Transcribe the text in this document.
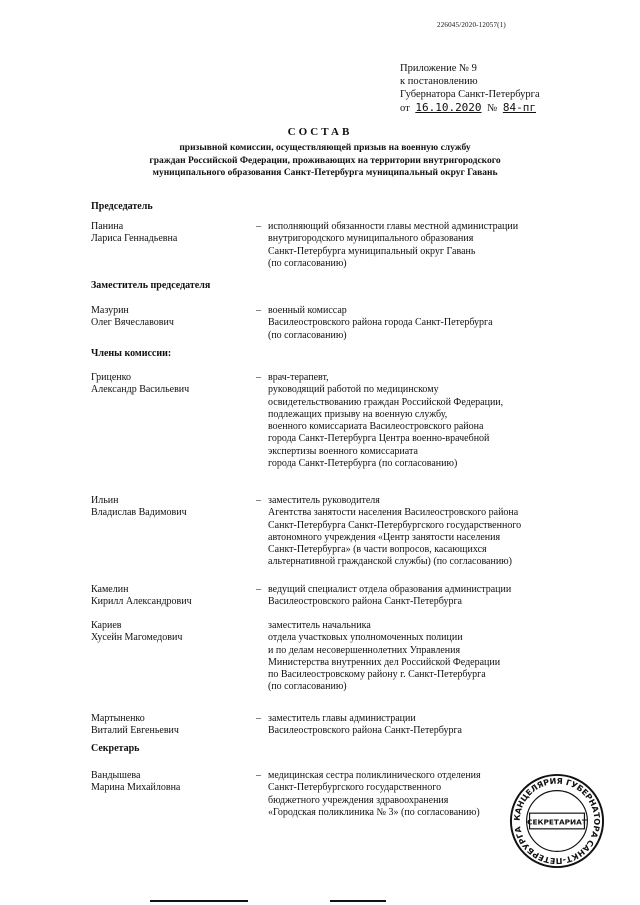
226045/2020-12057(1)
Приложение № 9
к постановлению
Губернатора Санкт-Петербурга
от 16.10.2020 № 84-пг
СОСТАВ
призывной комиссии, осуществляющей призыв на военную службу
граждан Российской Федерации, проживающих на территории внутригородского
муниципального образования Санкт-Петербурга муниципальный округ Гавань
Председатель
Панина
Лариса Геннадьевна
– исполняющий обязанности главы местной администрации
внутригородского муниципального образования
Санкт-Петербурга муниципальный округ Гавань
(по согласованию)
Заместитель председателя
Мазурин
Олег Вячеславович
– военный комиссар
Василеостровского района города Санкт-Петербурга
(по согласованию)
Члены комиссии:
Гриценко
Александр Васильевич
– врач-терапевт,
руководящий работой по медицинскому
освидетельствованию граждан Российской Федерации,
подлежащих призыву на военную службу,
военного комиссариата Василеостровского района
города Санкт-Петербурга Центра военно-врачебной
экспертизы военного комиссариата
города Санкт-Петербурга (по согласованию)
Ильин
Владислав Вадимович
– заместитель руководителя
Агентства занятости населения Василеостровского района
Санкт-Петербурга Санкт-Петербургского государственного
автономного учреждения «Центр занятости населения
Санкт-Петербурга» (в части вопросов, касающихся
альтернативной гражданской службы) (по согласованию)
Камелин
Кирилл Александрович
– ведущий специалист отдела образования администрации
Василеостровского района Санкт-Петербурга
Кариев
Хусейн Магомедович
заместитель начальника
отдела участковых уполномоченных полиции
и по делам несовершеннолетних Управления
Министерства внутренних дел Российской Федерации
по Василеостровскому району г. Санкт-Петербурга
(по согласованию)
Мартыненко
Виталий Евгеньевич
– заместитель главы администрации
Василеостровского района Санкт-Петербурга
Секретарь
Вандышева
Марина Михайловна
– медицинская сестра поликлинического отделения
Санкт-Петербургского государственного
бюджетного учреждения здравоохранения
«Городская поликлиника № 3» (по согласованию)	КАНЦЕЛЯРИЯ ГУБЕРНАТОРА САНКТ-ПЕТЕРБУРГА
СЕКРЕТАРИАТ
